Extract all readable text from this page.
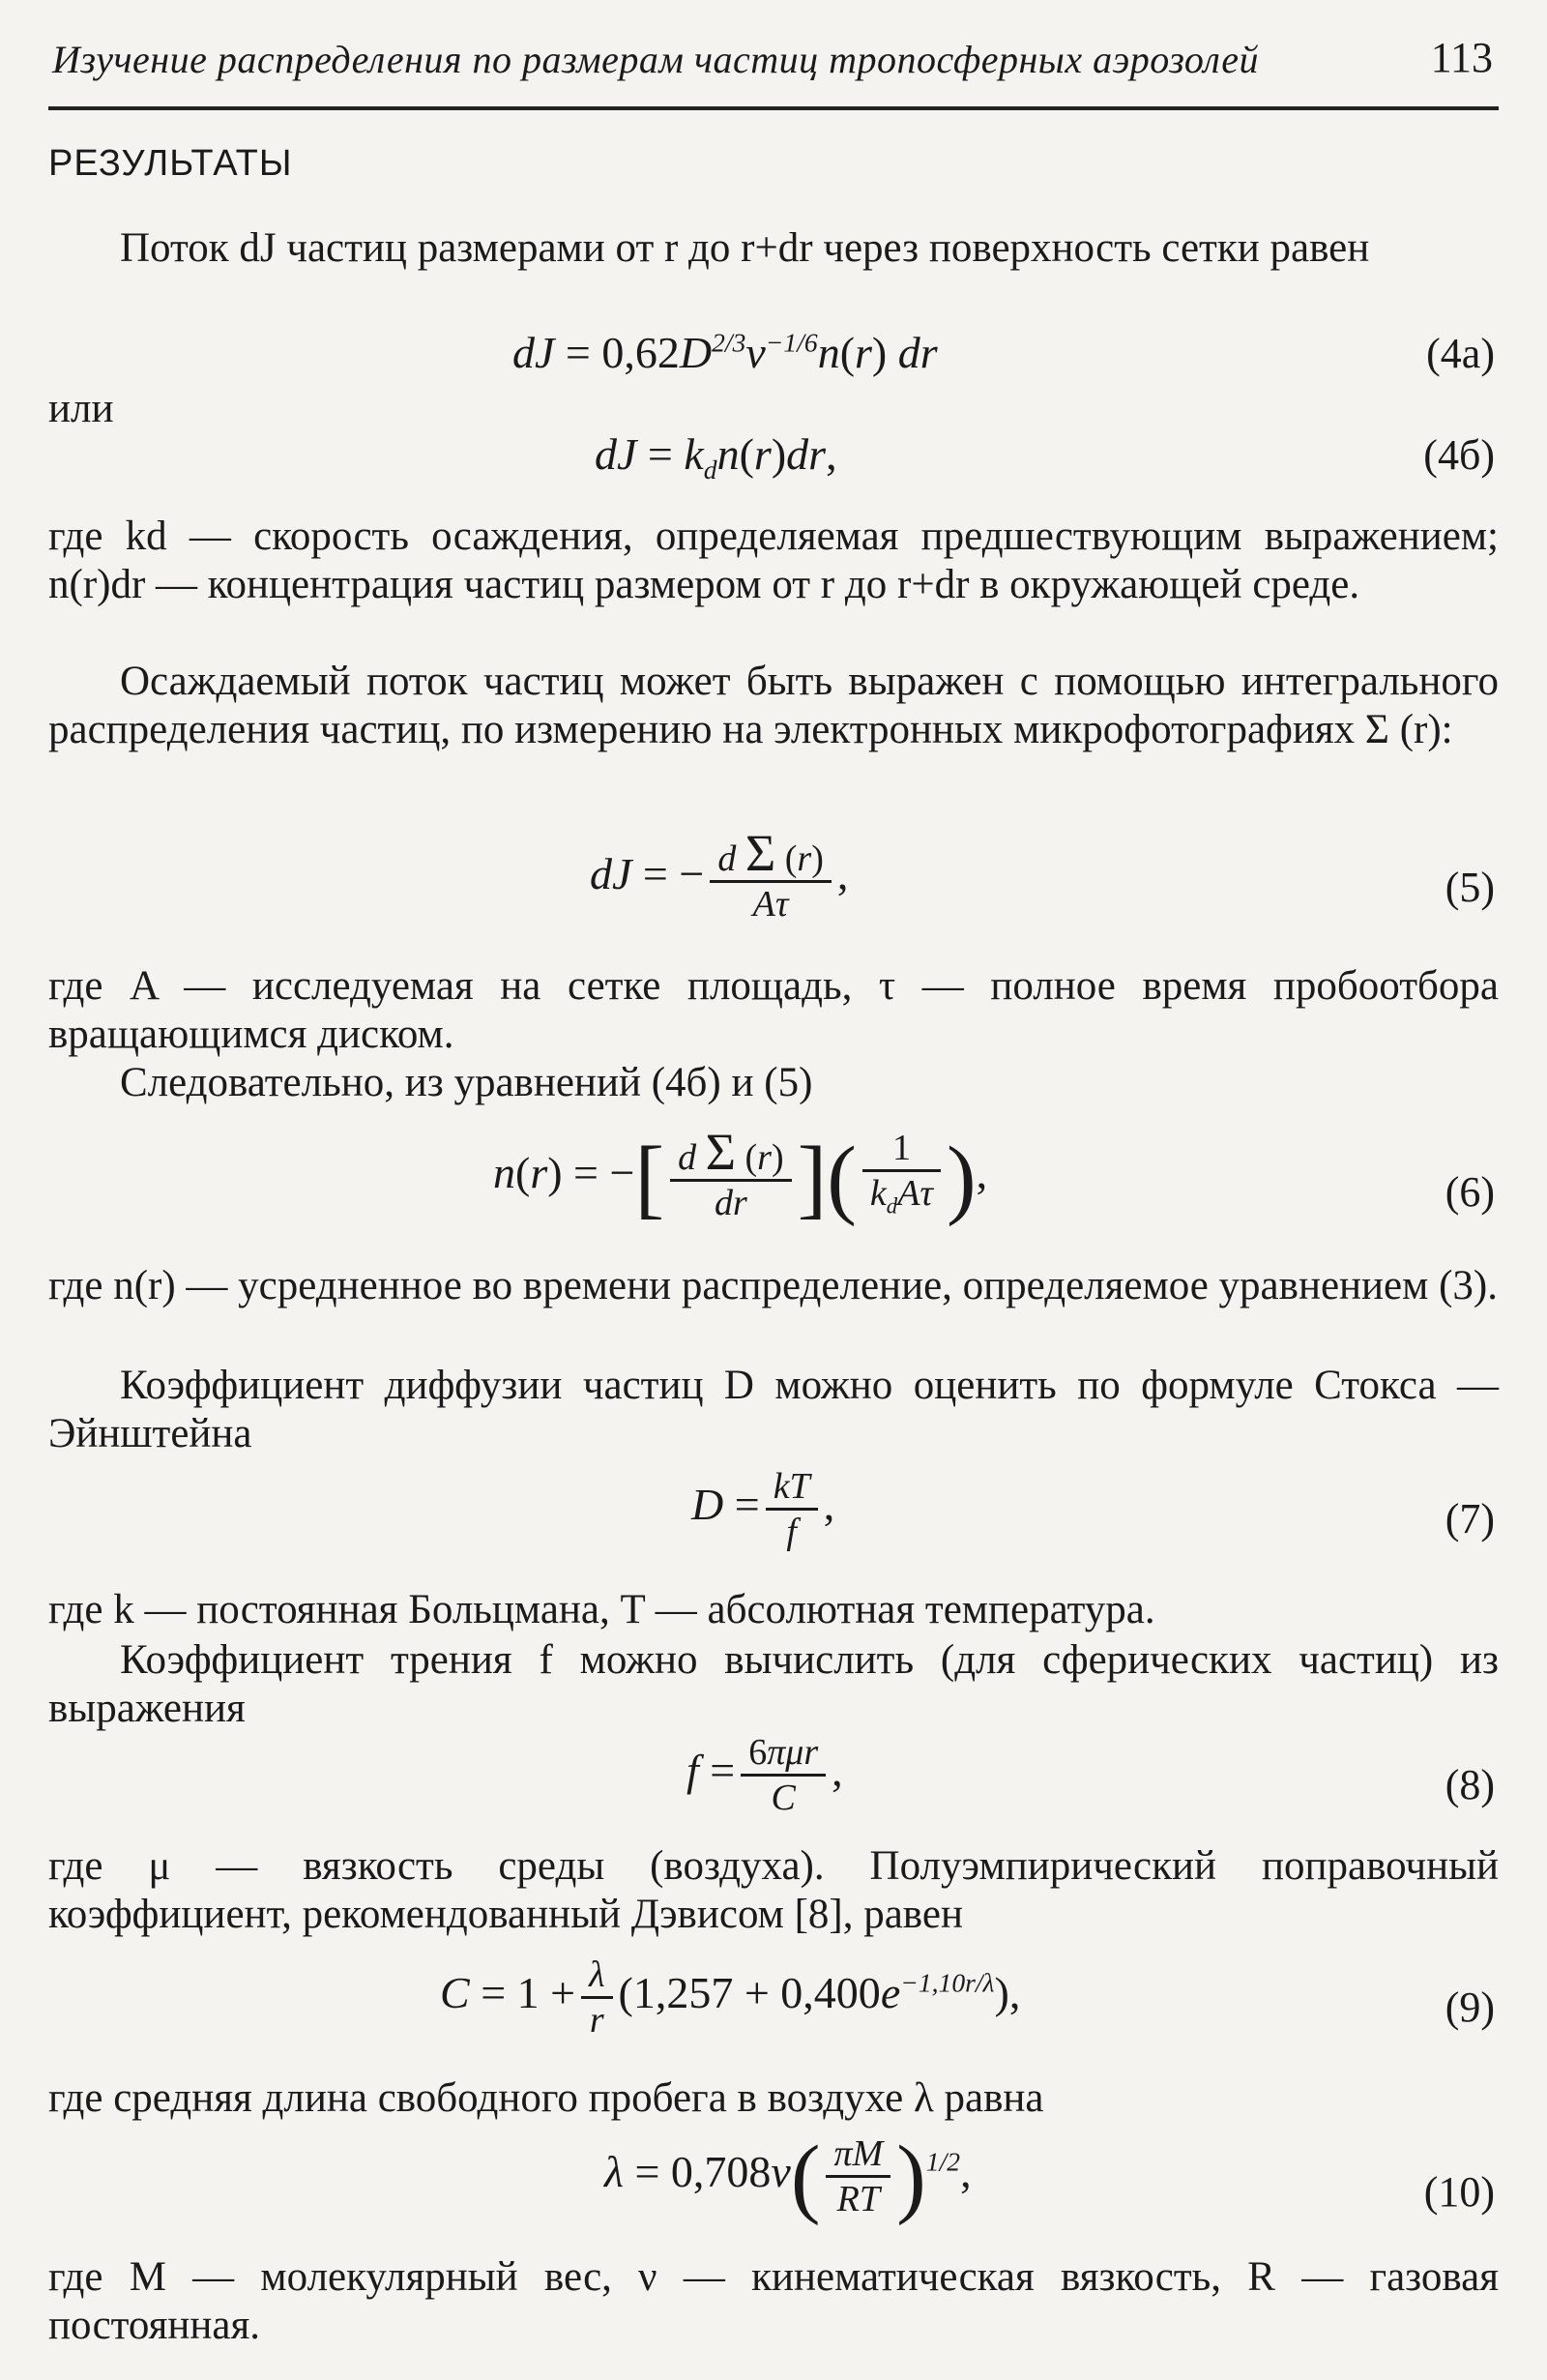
Изучение распределения по размерам частиц тропосферных аэрозолей	113
РЕЗУЛЬТАТЫ
Поток dJ частиц размерами от r до r+dr через поверхность сетки равен
dJ = $0,62D^{2/3}\nu^{-1/6}n(r)$ dr	(4а)
или
dJ = $k_dn(r)dr$,	(4б)
где kd — скорость осаждения, определяемая предшествующим выражением; n(r)dr — концентрация частиц размером от r до r+dr в окружающей среде.
Осаждаемый поток частиц может быть выражен с помощью интегрального распределения частиц, по измерению на электронных микрофотографиях Σ (r):
dJ = − $\frac{\text{d Σ (r)}}{A\tau}$ ,	(5)
где A — исследуемая на сетке площадь, τ — полное время пробоотбора вращающимся диском.
Следовательно, из уравнений (4б) и (5)
n(r) = −[ $\frac{\text{d Σ (r)}}{dr}$ ]( $\frac{1}{k_dA\tau}$ ),	(6)
где n(r) — усредненное во времени распределение, определяемое уравнением (3).
Коэффициент диффузии частиц D можно оценить по формуле Стокса — Эйнштейна
$D = \frac{kT}{f}$ ,	(7)
где k — постоянная Больцмана, T — абсолютная температура.
Коэффициент трения f можно вычислить (для сферических частиц) из выражения
$f = \frac{\text{6πμr}}{C}$ ,	(8)
где μ — вязкость среды (воздуха). Полуэмпирический поправочный коэффициент, рекомендованный Дэвисом [8], равен
$C = 1 + \frac{\lambda}{r} (1,257 + 0,400e^{-1,10r/\lambda})$,	(9)
где средняя длина свободного пробега в воздухе λ равна
$\lambda = 0,708\nu( \frac{\pi M}{RT} )^{1/2}$,	(10)
где M — молекулярный вес, ν — кинематическая вязкость, R — газовая постоянная.
